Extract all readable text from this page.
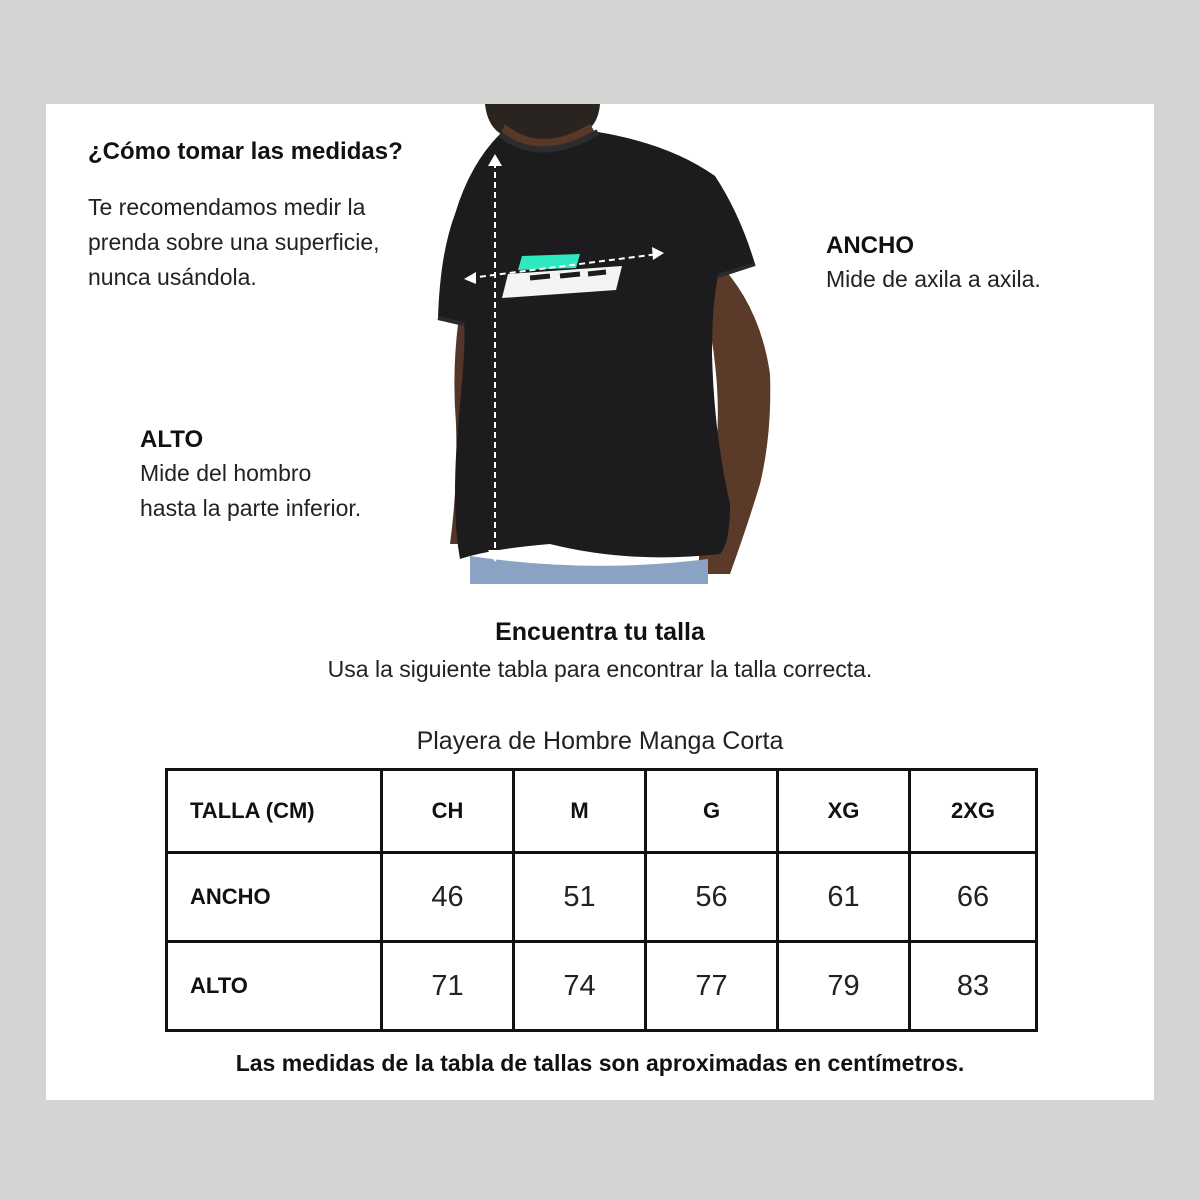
¿Cómo tomar las medidas?

Te recomendamos medir la prenda sobre una superficie, nunca usándola.

ANCHO
Mide de axila a axila.
ALTO
Mide del hombro
hasta la parte inferior.
Encuentra tu talla
Usa la siguiente tabla para encontrar la talla correcta.
Playera de Hombre Manga Corta
TALLA (CM)	CH	M	G	XG	2XG
ANCHO	46	51	56	61	66
ALTO	71	74	77	79	83
Las medidas de la tabla de tallas son aproximadas en centímetros.
